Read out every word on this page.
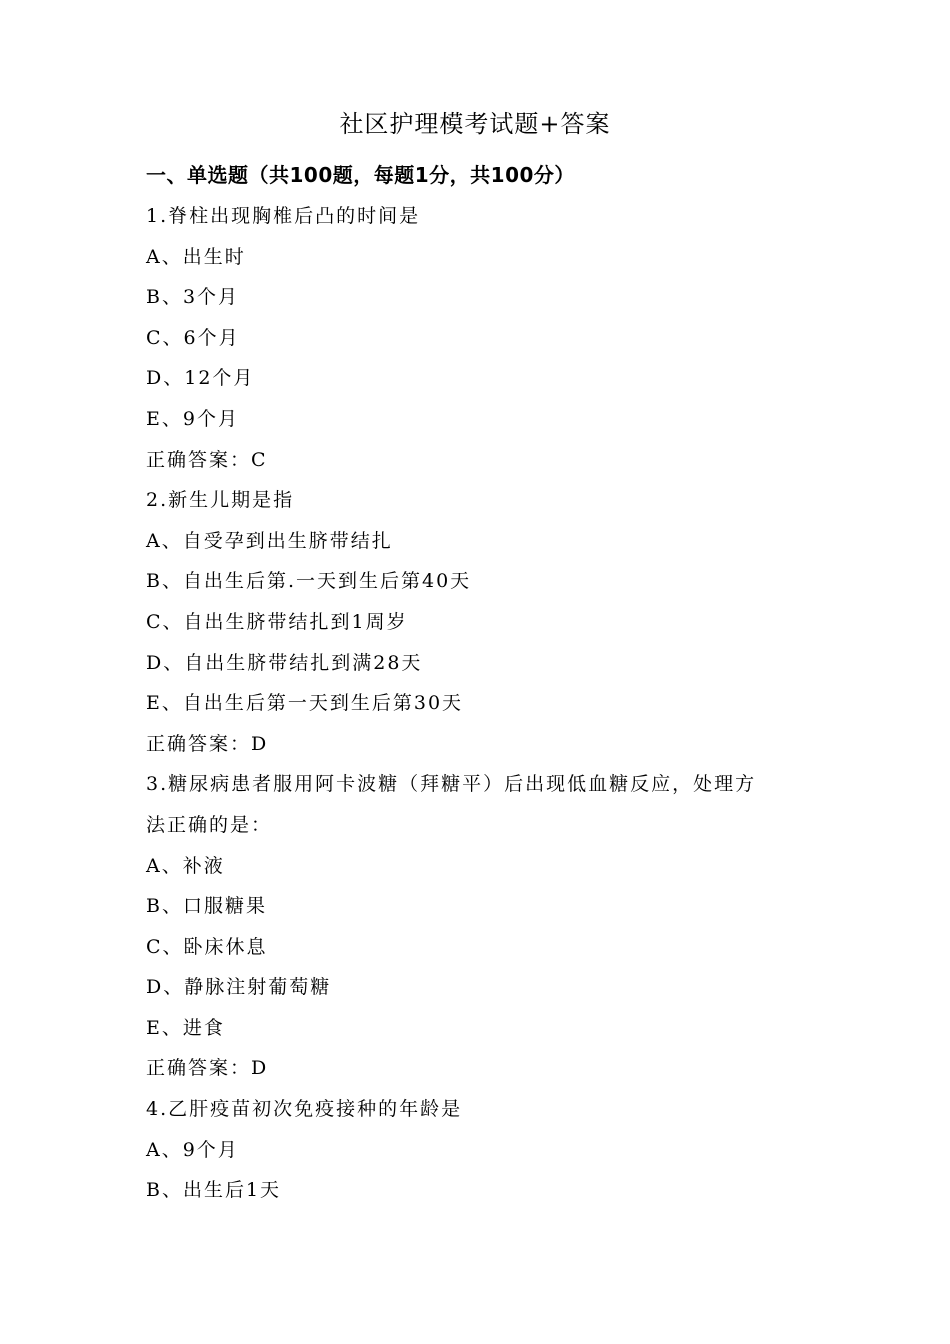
社区护理模考试题+答案
一、单选题（共100题，每题1分，共100分）
1.脊柱出现胸椎后凸的时间是
A、出生时
B、3个月
C、6个月
D、12个月
E、9个月
正确答案：C
2.新生儿期是指
A、自受孕到出生脐带结扎
B、自出生后第.一天到生后第40天
C、自出生脐带结扎到1周岁
D、自出生脐带结扎到满28天
E、自出生后第一天到生后第30天
正确答案：D
3.糖尿病患者服用阿卡波糖（拜糖平）后出现低血糖反应，处理方
法正确的是：
A、补液
B、口服糖果
C、卧床休息
D、静脉注射葡萄糖
E、进食
正确答案：D
4.乙肝疫苗初次免疫接种的年龄是
A、9个月
B、出生后1天
